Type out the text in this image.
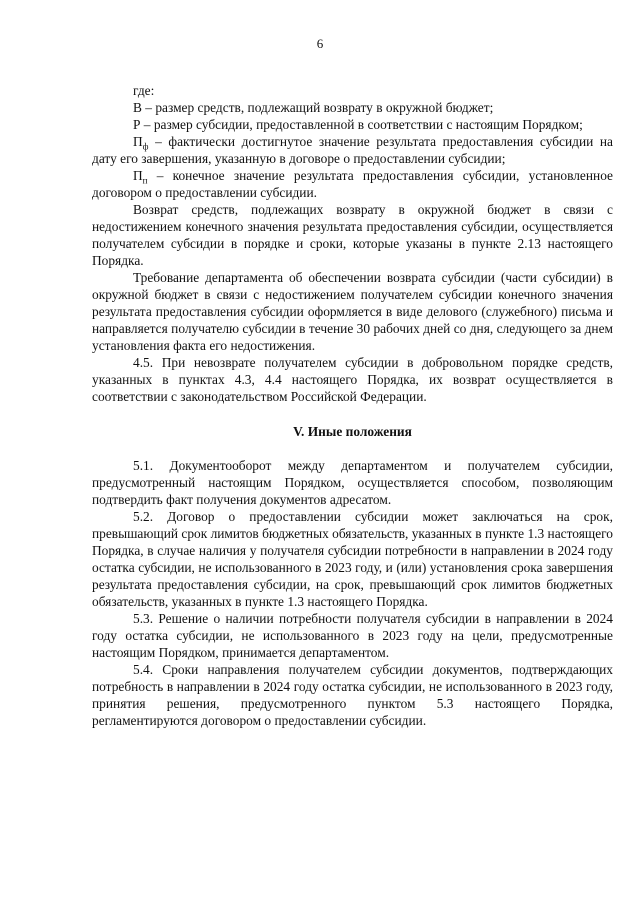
6

где:

В – размер средств, подлежащий возврату в окружной бюджет;

Р – размер субсидии, предоставленной в соответствии с настоящим Порядком;

$П_ф$ – фактически достигнутое значение результата предоставления субсидии на дату его завершения, указанную в договоре о предоставлении субсидии;

$П_п$ – конечное значение результата предоставления субсидии, установленное договором о предоставлении субсидии.

Возврат средств, подлежащих возврату в окружной бюджет в связи с недостижением конечного значения результата предоставления субсидии, осуществляется получателем субсидии в порядке и сроки, которые указаны в пункте 2.13 настоящего Порядка.

Требование департамента об обеспечении возврата субсидии (части субсидии) в окружной бюджет в связи с недостижением получателем субсидии конечного значения результата предоставления субсидии оформляется в виде делового (служебного) письма и направляется получателю субсидии в течение 30 рабочих дней со дня, следующего за днем установления факта его недостижения.

4.5. При невозврате получателем субсидии в добровольном порядке средств, указанных в пунктах 4.3, 4.4 настоящего Порядка, их возврат осуществляется в соответствии с законодательством Российской Федерации.

V. Иные положения

5.1. Документооборот между департаментом и получателем субсидии, предусмотренный настоящим Порядком, осуществляется способом, позволяющим подтвердить факт получения документов адресатом.

5.2. Договор о предоставлении субсидии может заключаться на срок, превышающий срок лимитов бюджетных обязательств, указанных в пункте 1.3 настоящего Порядка, в случае наличия у получателя субсидии потребности в направлении в 2024 году остатка субсидии, не использованного в 2023 году, и (или) установления срока завершения результата предоставления субсидии, на срок, превышающий срок лимитов бюджетных обязательств, указанных в пункте 1.3 настоящего Порядка.

5.3. Решение о наличии потребности получателя субсидии в направлении в 2024 году остатка субсидии, не использованного в 2023 году на цели, предусмотренные настоящим Порядком, принимается департаментом.

5.4. Сроки направления получателем субсидии документов, подтверждающих потребность в направлении в 2024 году остатка субсидии, не использованного в 2023 году, принятия решения, предусмотренного пунктом 5.3 настоящего Порядка, регламентируются договором о предоставлении субсидии.
